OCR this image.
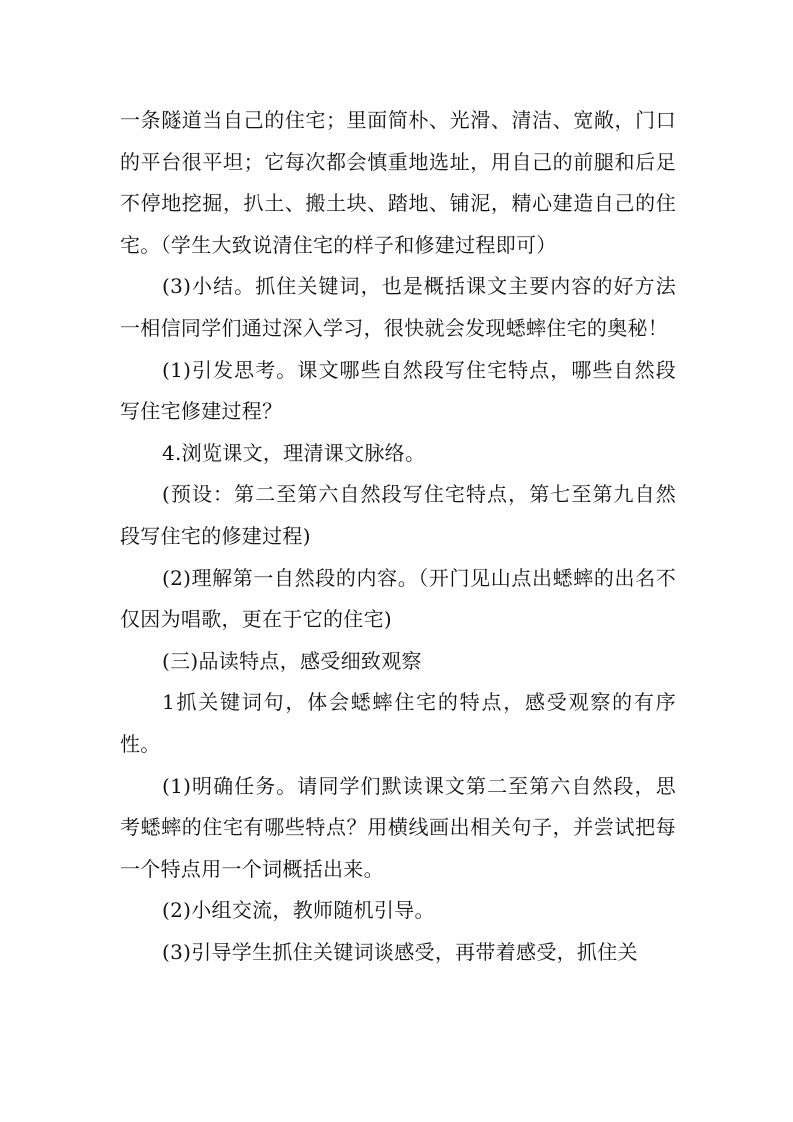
一条隧道当自己的住宅；里面简朴、光滑、清洁、宽敞，门口的平台很平坦；它每次都会慎重地选址，用自己的前腿和后足不停地挖掘，扒土、搬土块、踏地、铺泥，精心建造自己的住宅。（学生大致说清住宅的样子和修建过程即可）

(3)小结。抓住关键词，也是概括课文主要内容的好方法一相信同学们通过深入学习，很快就会发现蟋蟀住宅的奥秘！

(1)引发思考。课文哪些自然段写住宅特点，哪些自然段写住宅修建过程？

4.浏览课文，理清课文脉络。

(预设：第二至第六自然段写住宅特点，第七至第九自然段写住宅的修建过程)

(2)理解第一自然段的内容。（开门见山点出蟋蟀的出名不仅因为唱歌，更在于它的住宅)

(三)品读特点，感受细致观察

1抓关键词句，体会蟋蟀住宅的特点，感受观察的有序性。

(1)明确任务。请同学们默读课文第二至第六自然段，思考蟋蟀的住宅有哪些特点？用横线画出相关句子，并尝试把每一个特点用一个词概括出来。

(2)小组交流，教师随机引导。

(3)引导学生抓住关键词谈感受，再带着感受，抓住关
